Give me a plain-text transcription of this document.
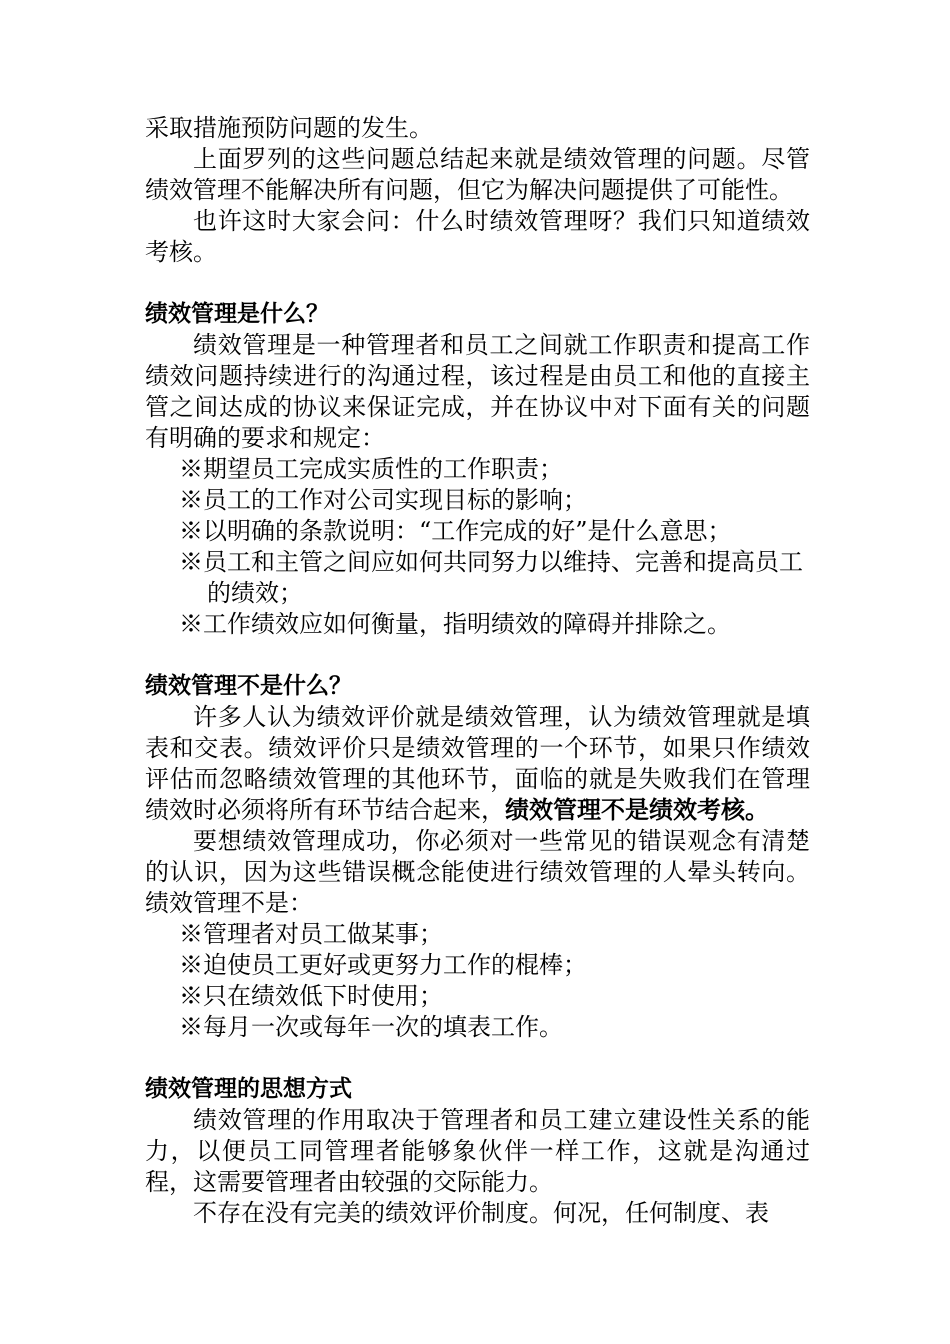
采取措施预防问题的发生。

上面罗列的这些问题总结起来就是绩效管理的问题。尽管绩效管理不能解决所有问题，但它为解决问题提供了可能性。

也许这时大家会问：什么时绩效管理呀？我们只知道绩效考核。

绩效管理是什么？

绩效管理是一种管理者和员工之间就工作职责和提高工作绩效问题持续进行的沟通过程，该过程是由员工和他的直接主管之间达成的协议来保证完成，并在协议中对下面有关的问题有明确的要求和规定：

※期望员工完成实质性的工作职责；

※员工的工作对公司实现目标的影响；

※以明确的条款说明：“工作完成的好”是什么意思；

※员工和主管之间应如何共同努力以维持、完善和提高员工的绩效；

※工作绩效应如何衡量，指明绩效的障碍并排除之。

绩效管理不是什么？

许多人认为绩效评价就是绩效管理，认为绩效管理就是填表和交表。绩效评价只是绩效管理的一个环节，如果只作绩效评估而忽略绩效管理的其他环节，面临的就是失败我们在管理绩效时必须将所有环节结合起来，绩效管理不是绩效考核。

要想绩效管理成功，你必须对一些常见的错误观念有清楚的认识，因为这些错误概念能使进行绩效管理的人晕头转向。绩效管理不是：

※管理者对员工做某事；

※迫使员工更好或更努力工作的棍棒；

※只在绩效低下时使用；

※每月一次或每年一次的填表工作。

绩效管理的思想方式

绩效管理的作用取决于管理者和员工建立建设性关系的能力，以便员工同管理者能够象伙伴一样工作，这就是沟通过程，这需要管理者由较强的交际能力。

不存在没有完美的绩效评价制度。何况，任何制度、表
